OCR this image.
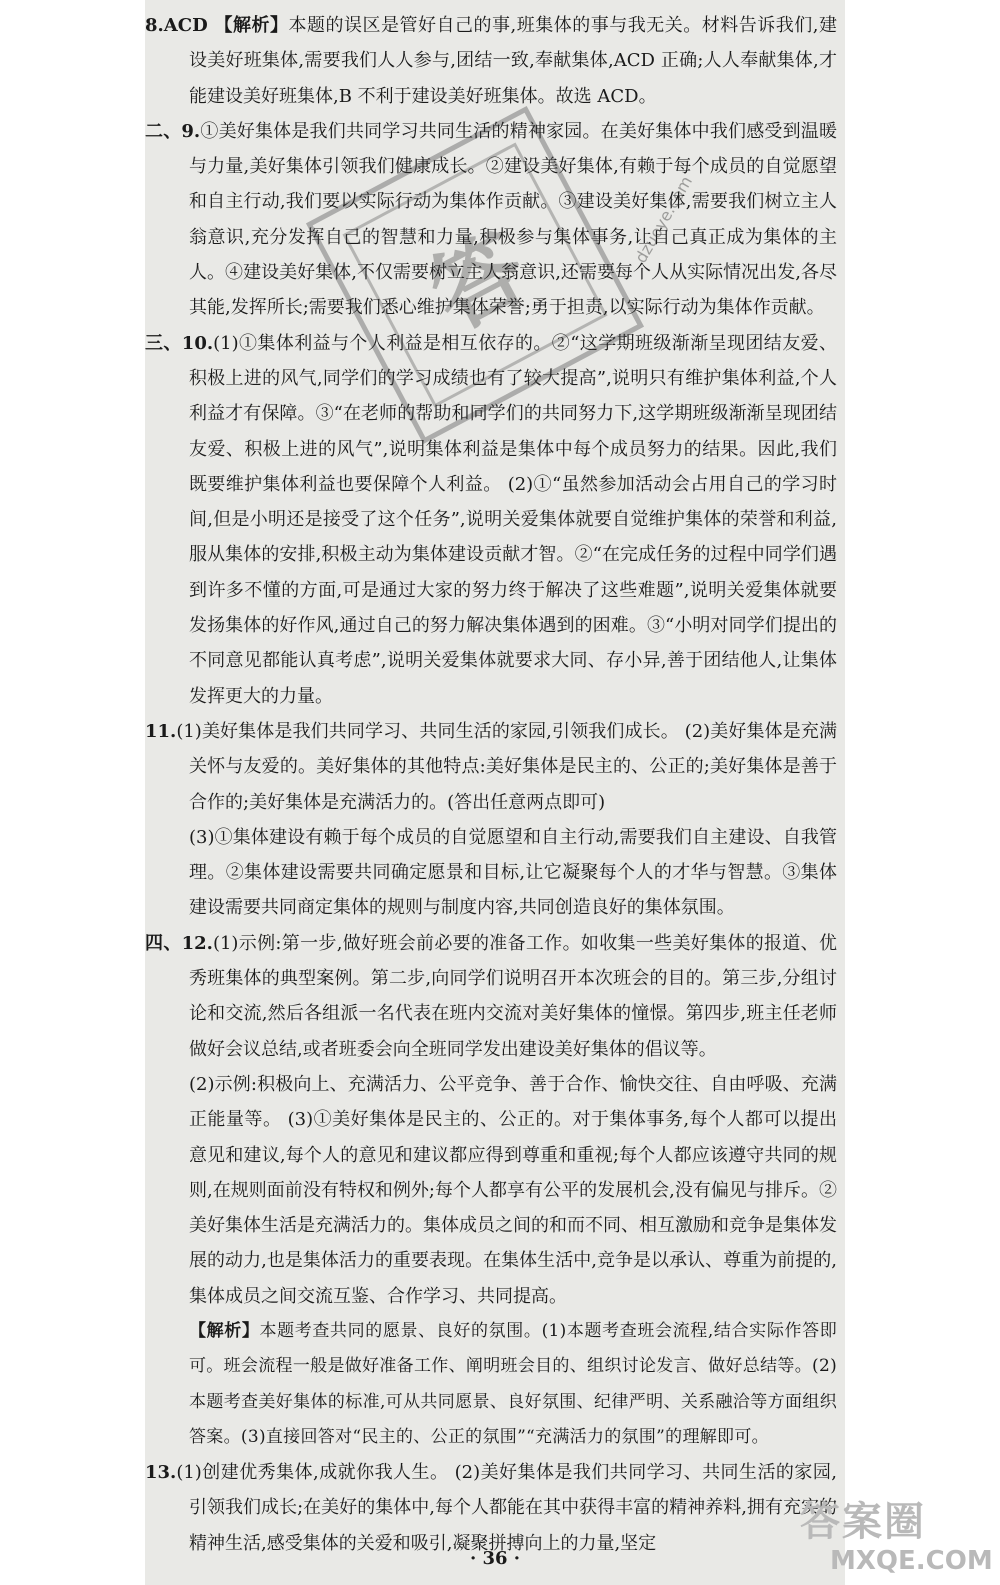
8.ACD 【解析】本题的误区是管好自己的事,班集体的事与我无关。材料告诉我们,建设美好班集体,需要我们人人参与,团结一致,奉献集体,ACD 正确;人人奉献集体,才能建设美好班集体,B 不利于建设美好班集体。故选 ACD。

二、9.①美好集体是我们共同学习共同生活的精神家园。在美好集体中我们感受到温暖与力量,美好集体引领我们健康成长。②建设美好集体,有赖于每个成员的自觉愿望和自主行动,我们要以实际行动为集体作贡献。③建设美好集体,需要我们树立主人翁意识,充分发挥自己的智慧和力量,积极参与集体事务,让自己真正成为集体的主人。④建设美好集体,不仅需要树立主人翁意识,还需要每个人从实际情况出发,各尽其能,发挥所长;需要我们悉心维护集体荣誉;勇于担责,以实际行动为集体作贡献。

三、10.(1)①集体利益与个人利益是相互依存的。②“这学期班级渐渐呈现团结友爱、积极上进的风气,同学们的学习成绩也有了较大提高”,说明只有维护集体利益,个人利益才有保障。③“在老师的帮助和同学们的共同努力下,这学期班级渐渐呈现团结友爱、积极上进的风气”,说明集体利益是集体中每个成员努力的结果。因此,我们既要维护集体利益也要保障个人利益。 (2)①“虽然参加活动会占用自己的学习时间,但是小明还是接受了这个任务”,说明关爱集体就要自觉维护集体的荣誉和利益,服从集体的安排,积极主动为集体建设贡献才智。②“在完成任务的过程中同学们遇到许多不懂的方面,可是通过大家的努力终于解决了这些难题”,说明关爱集体就要发扬集体的好作风,通过自己的努力解决集体遇到的困难。③“小明对同学们提出的不同意见都能认真考虑”,说明关爱集体就要求大同、存小异,善于团结他人,让集体发挥更大的力量。

11.(1)美好集体是我们共同学习、共同生活的家园,引领我们成长。 (2)美好集体是充满关怀与友爱的。美好集体的其他特点:美好集体是民主的、公正的;美好集体是善于合作的;美好集体是充满活力的。(答出任意两点即可)

(3)①集体建设有赖于每个成员的自觉愿望和自主行动,需要我们自主建设、自我管理。②集体建设需要共同确定愿景和目标,让它凝聚每个人的才华与智慧。③集体建设需要共同商定集体的规则与制度内容,共同创造良好的集体氛围。

四、12.(1)示例:第一步,做好班会前必要的准备工作。如收集一些美好集体的报道、优秀班集体的典型案例。第二步,向同学们说明召开本次班会的目的。第三步,分组讨论和交流,然后各组派一名代表在班内交流对美好集体的憧憬。第四步,班主任老师做好会议总结,或者班委会向全班同学发出建设美好集体的倡议等。

(2)示例:积极向上、充满活力、公平竞争、善于合作、愉快交往、自由呼吸、充满正能量等。 (3)①美好集体是民主的、公正的。对于集体事务,每个人都可以提出意见和建议,每个人的意见和建议都应得到尊重和重视;每个人都应该遵守共同的规则,在规则面前没有特权和例外;每个人都享有公平的发展机会,没有偏见与排斥。②美好集体生活是充满活力的。集体成员之间的和而不同、相互激励和竞争是集体发展的动力,也是集体活力的重要表现。在集体生活中,竞争是以承认、尊重为前提的,集体成员之间交流互鉴、合作学习、共同提高。

【解析】本题考查共同的愿景、良好的氛围。(1)本题考查班会流程,结合实际作答即可。班会流程一般是做好准备工作、阐明班会目的、组织讨论发言、做好总结等。(2)本题考查美好集体的标准,可从共同愿景、良好氛围、纪律严明、关系融洽等方面组织答案。(3)直接回答对“民主的、公正的氛围”“充满活力的氛围”的理解即可。

13.(1)创建优秀集体,成就你我人生。 (2)美好集体是我们共同学习、共同生活的家园,引领我们成长;在美好的集体中,每个人都能在其中获得丰富的精神养料,拥有充实的精神生活,感受集体的关爱和吸引,凝聚拼搏向上的力量,坚定

答	dzuoye.com
· 36 ·
答案圈
MXQE.COM
